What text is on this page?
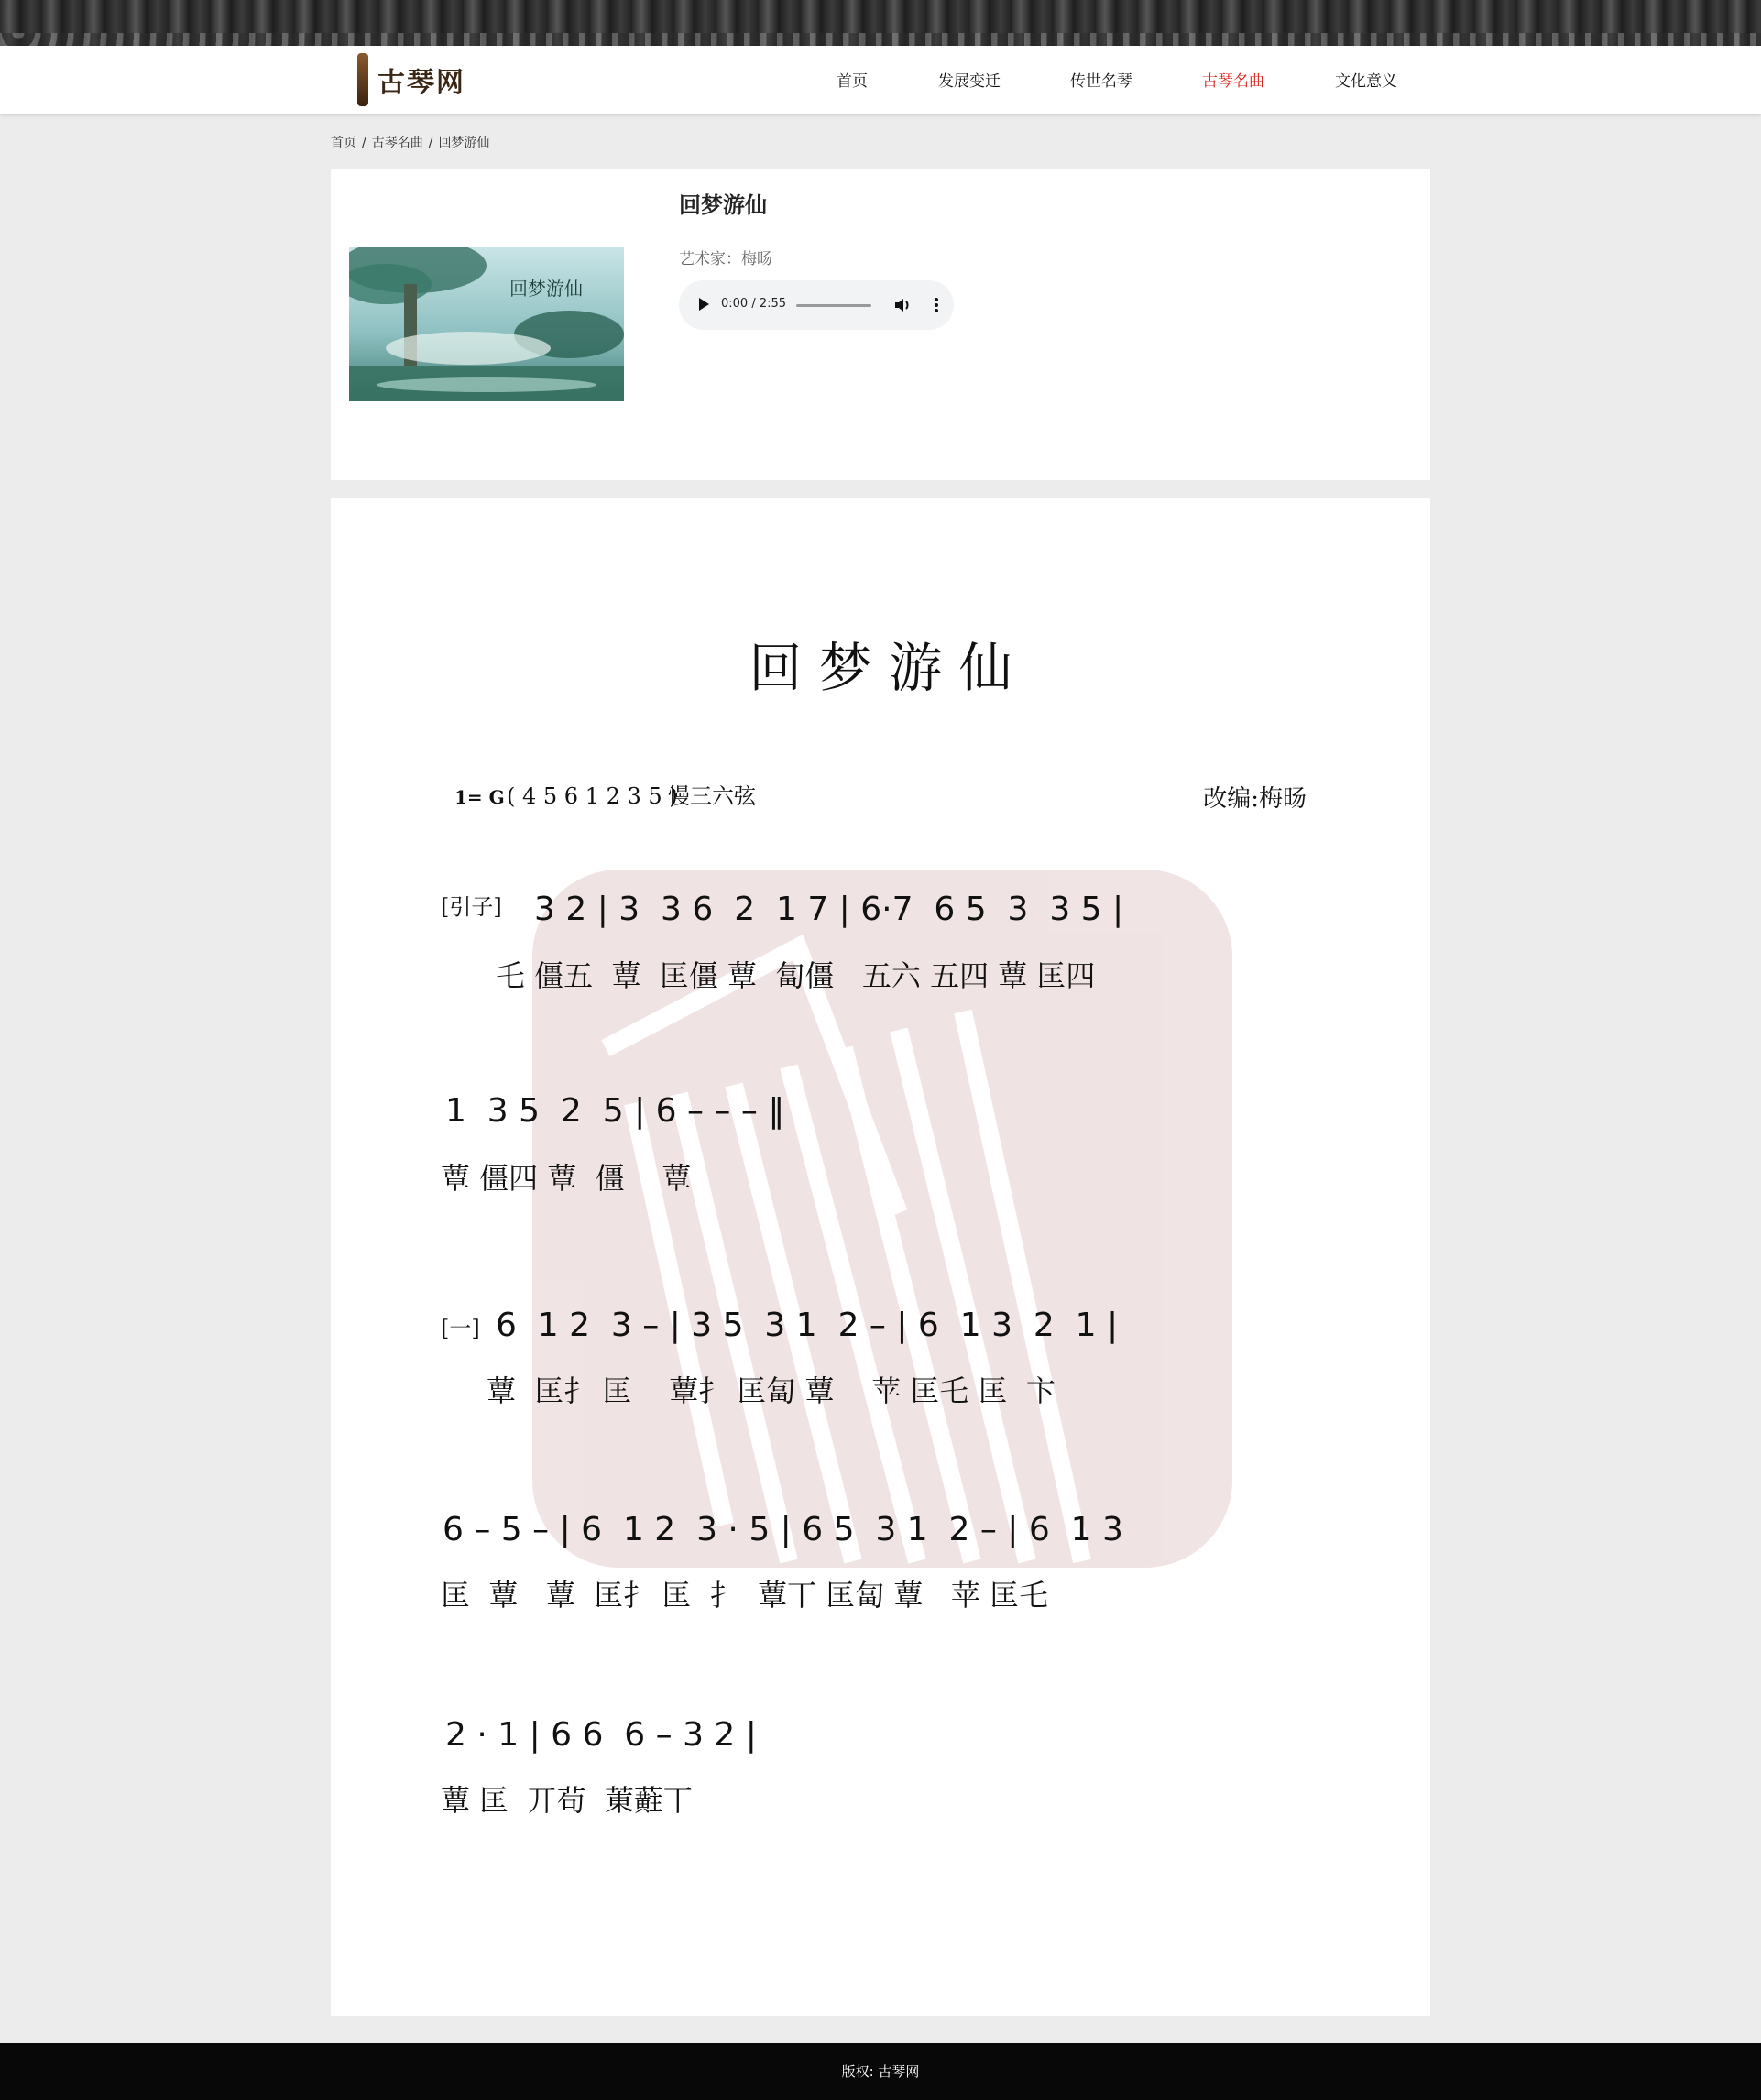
古琴网	首页	发展变迁	传世名琴	古琴名曲	文化意义
首页 / 古琴名曲 / 回梦游仙
回梦游仙
回梦游仙
艺术家：梅旸
0:00 / 2:55
回 梦 游 仙
1= G ( 4 5 6 1 2 3 5 )
慢三六弦	改编:梅旸
[引子] 3 2 | 3  3 6  2  1 7 | 6·7  6 5  3  3 5 |
乇 僵五  蕈  匡僵 蕈  匐僵   五六 五四 蕈 匡四
1  3 5  2  5 | 6 – – – ‖
蕈 僵四 蕈  僵    蕈
[一] 6  1 2  3 – | 3 5  3 1  2 – | 6  1 3  2  1 |
蕈  匡扌 匡    蕈扌 匡匐 蕈    苹 匡乇 匡  卞
6 – 5 – | 6  1 2  3 · 5 | 6 5  3 1  2 – | 6  1 3
匡  蕈   蕈  匡扌 匡  扌  蕈丅 匡匐 蕈   苹 匡乇
2 · 1 | 6 6  6 – 3 2 |
蕈 匡  丌茍  菄蘣丅
版权: 古琴网
